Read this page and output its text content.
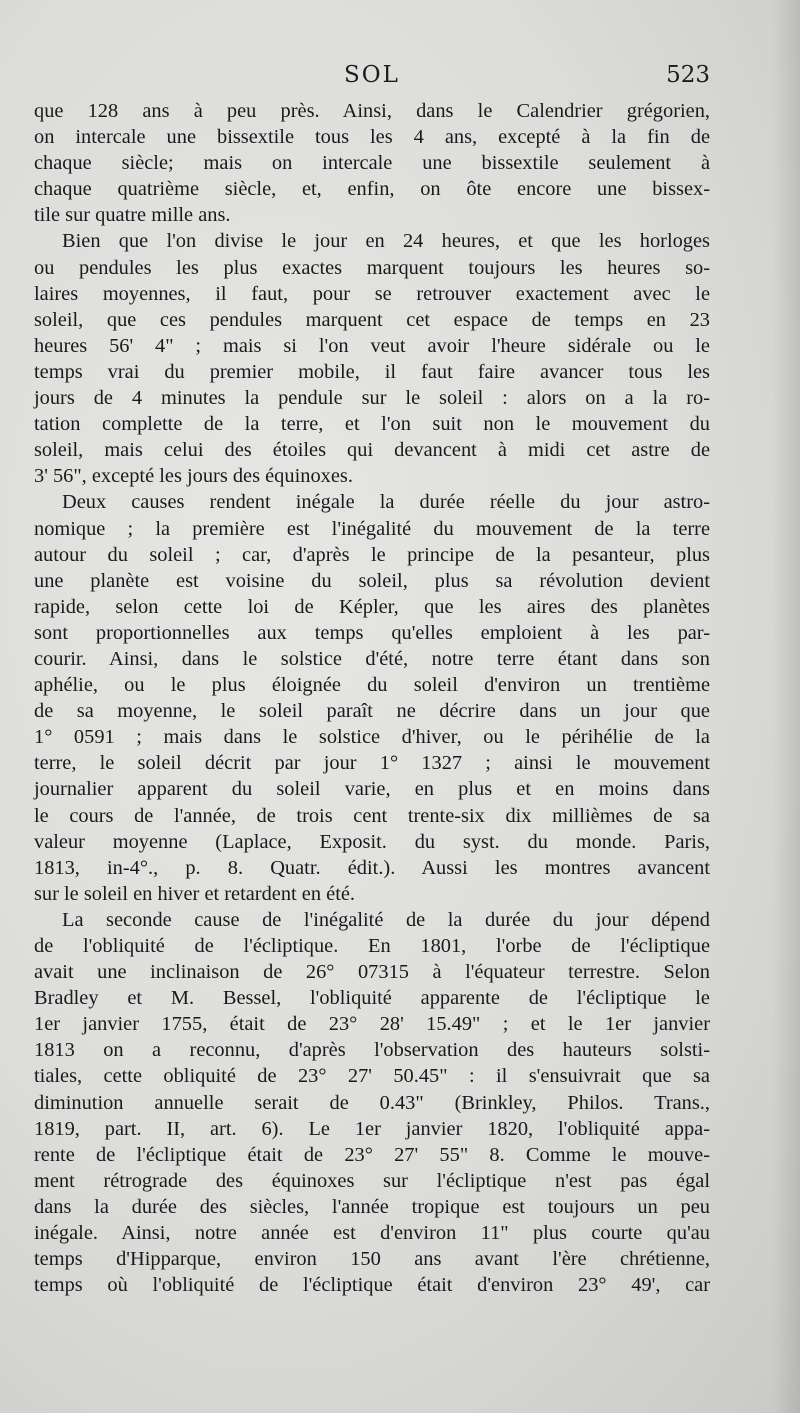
SOL	523
que 128 ans à peu près. Ainsi, dans le Calendrier grégorien,
on intercale une bissextile tous les 4 ans, excepté à la fin de
chaque siècle; mais on intercale une bissextile seulement à
chaque quatrième siècle, et, enfin, on ôte encore une bissex-
tile sur quatre mille ans.
Bien que l'on divise le jour en 24 heures, et que les horloges
ou pendules les plus exactes marquent toujours les heures so-
laires moyennes, il faut, pour se retrouver exactement avec le
soleil, que ces pendules marquent cet espace de temps en 23
heures 56' 4" ; mais si l'on veut avoir l'heure sidérale ou le
temps vrai du premier mobile, il faut faire avancer tous les
jours de 4 minutes la pendule sur le soleil : alors on a la ro-
tation complette de la terre, et l'on suit non le mouvement du
soleil, mais celui des étoiles qui devancent à midi cet astre de
3' 56", excepté les jours des équinoxes.
Deux causes rendent inégale la durée réelle du jour astro-
nomique ; la première est l'inégalité du mouvement de la terre
autour du soleil ; car, d'après le principe de la pesanteur, plus
une planète est voisine du soleil, plus sa révolution devient
rapide, selon cette loi de Képler, que les aires des planètes
sont proportionnelles aux temps qu'elles emploient à les par-
courir. Ainsi, dans le solstice d'été, notre terre étant dans son
aphélie, ou le plus éloignée du soleil d'environ un trentième
de sa moyenne, le soleil paraît ne décrire dans un jour que
1° 0591 ; mais dans le solstice d'hiver, ou le périhélie de la
terre, le soleil décrit par jour 1° 1327 ; ainsi le mouvement
journalier apparent du soleil varie, en plus et en moins dans
le cours de l'année, de trois cent trente-six dix millièmes de sa
valeur moyenne (Laplace, Exposit. du syst. du monde. Paris,
1813, in-4°., p. 8. Quatr. édit.). Aussi les montres avancent
sur le soleil en hiver et retardent en été.
La seconde cause de l'inégalité de la durée du jour dépend
de l'obliquité de l'écliptique. En 1801, l'orbe de l'écliptique
avait une inclinaison de 26° 07315 à l'équateur terrestre. Selon
Bradley et M. Bessel, l'obliquité apparente de l'écliptique le
1er janvier 1755, était de 23° 28' 15.49" ; et le 1er janvier
1813 on a reconnu, d'après l'observation des hauteurs solsti-
tiales, cette obliquité de 23° 27' 50.45" : il s'ensuivrait que sa
diminution annuelle serait de 0.43" (Brinkley, Philos. Trans.,
1819, part. II, art. 6). Le 1er janvier 1820, l'obliquité appa-
rente de l'écliptique était de 23° 27' 55" 8. Comme le mouve-
ment rétrograde des équinoxes sur l'écliptique n'est pas égal
dans la durée des siècles, l'année tropique est toujours un peu
inégale. Ainsi, notre année est d'environ 11" plus courte qu'au
temps d'Hipparque, environ 150 ans avant l'ère chrétienne,
temps où l'obliquité de l'écliptique était d'environ 23° 49', car
